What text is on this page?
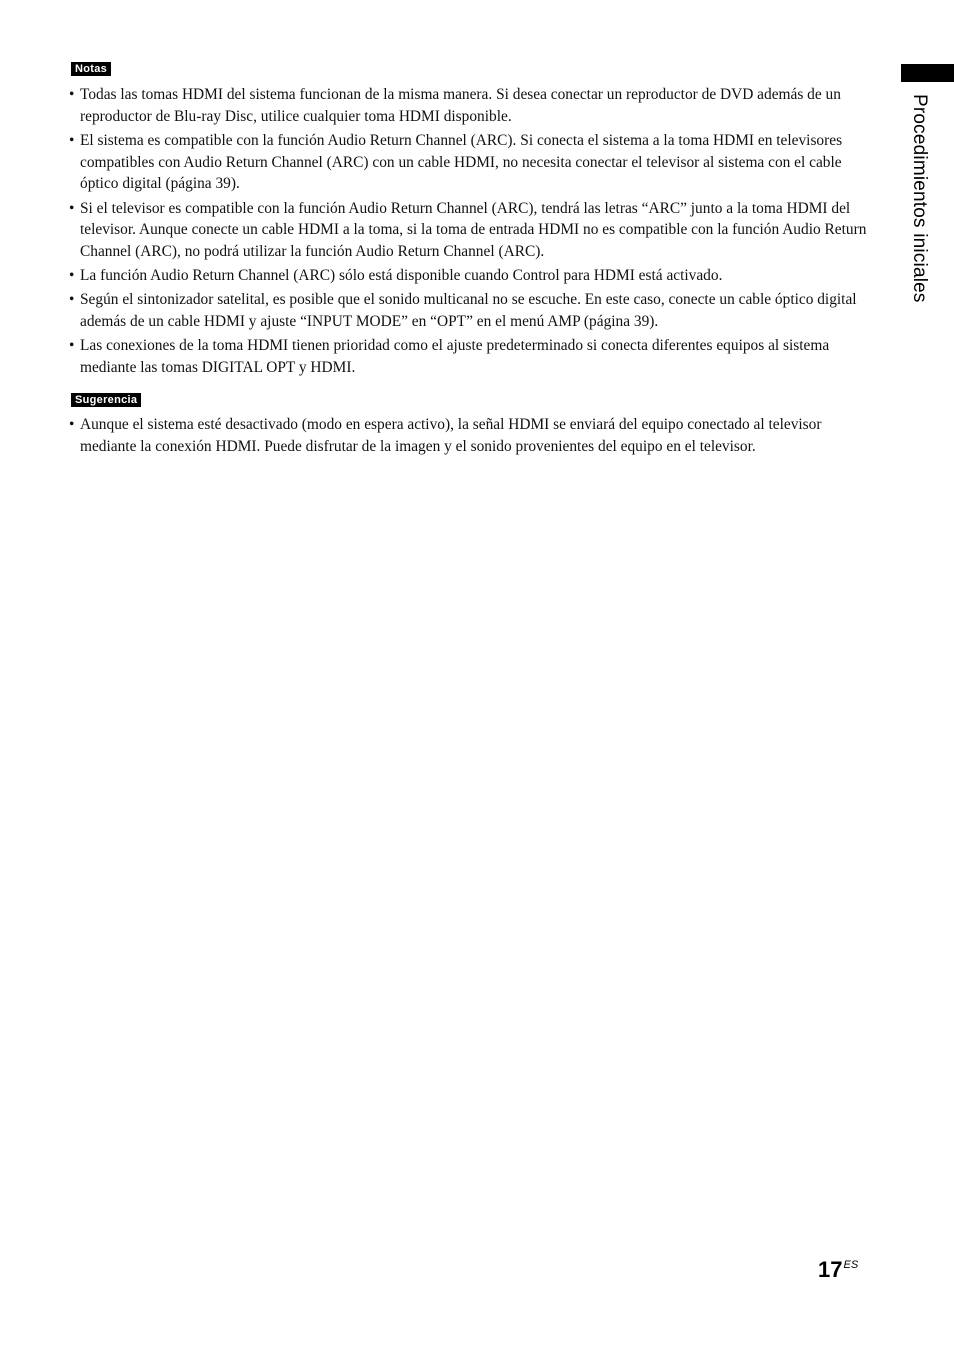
Notas
• Todas las tomas HDMI del sistema funcionan de la misma manera. Si desea conectar un reproductor de DVD además de un reproductor de Blu-ray Disc, utilice cualquier toma HDMI disponible.
• El sistema es compatible con la función Audio Return Channel (ARC). Si conecta el sistema a la toma HDMI en televisores compatibles con Audio Return Channel (ARC) con un cable HDMI, no necesita conectar el televisor al sistema con el cable óptico digital (página 39).
• Si el televisor es compatible con la función Audio Return Channel (ARC), tendrá las letras “ARC” junto a la toma HDMI del televisor. Aunque conecte un cable HDMI a la toma, si la toma de entrada HDMI no es compatible con la función Audio Return Channel (ARC), no podrá utilizar la función Audio Return Channel (ARC).
• La función Audio Return Channel (ARC) sólo está disponible cuando Control para HDMI está activado.
• Según el sintonizador satelital, es posible que el sonido multicanal no se escuche. En este caso, conecte un cable óptico digital además de un cable HDMI y ajuste “INPUT MODE” en “OPT” en el menú AMP (página 39).
• Las conexiones de la toma HDMI tienen prioridad como el ajuste predeterminado si conecta diferentes equipos al sistema mediante las tomas DIGITAL OPT y HDMI.
Sugerencia
• Aunque el sistema esté desactivado (modo en espera activo), la señal HDMI se enviará del equipo conectado al televisor mediante la conexión HDMI. Puede disfrutar de la imagen y el sonido provenientes del equipo en el televisor.
Procedimientos iniciales
$17^{ES}$
